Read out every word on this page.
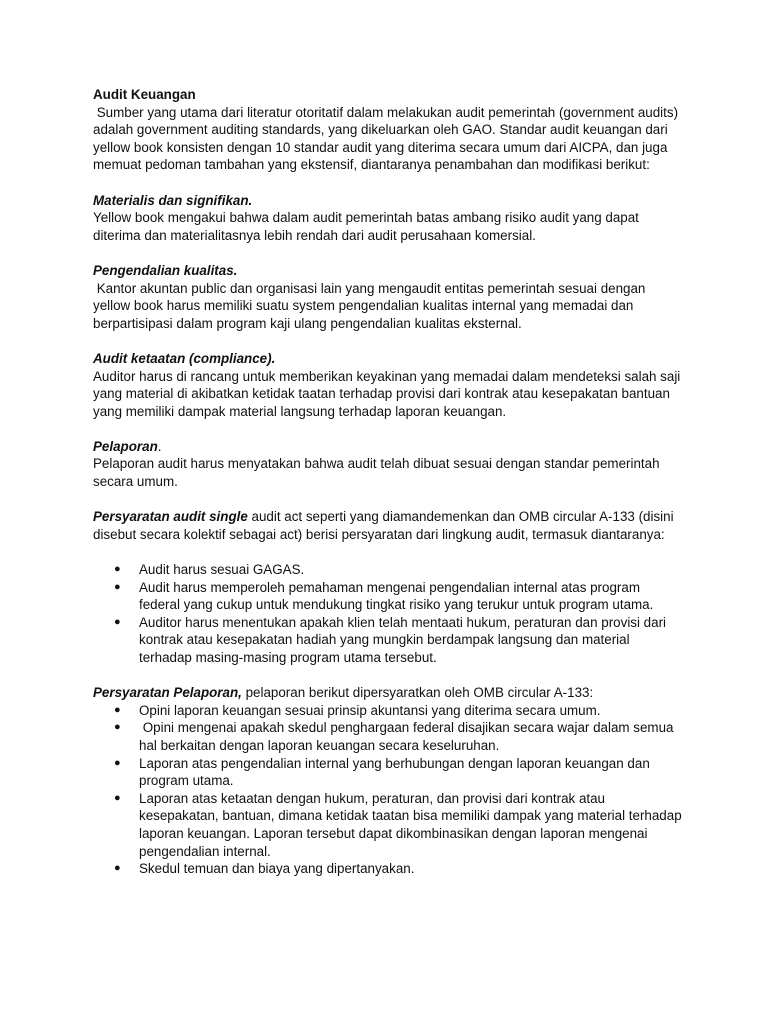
Audit Keuangan

Sumber yang utama dari literatur otoritatif dalam melakukan audit pemerintah (government audits) adalah government auditing standards, yang dikeluarkan oleh GAO. Standar audit keuangan dari yellow book konsisten dengan 10 standar audit yang diterima secara umum dari AICPA, dan juga memuat pedoman tambahan yang ekstensif, diantaranya penambahan dan modifikasi berikut:

Materialis dan signifikan.

Yellow book mengakui bahwa dalam audit pemerintah batas ambang risiko audit yang dapat diterima dan materialitasnya lebih rendah dari audit perusahaan komersial.

Pengendalian kualitas.

Kantor akuntan public dan organisasi lain yang mengaudit entitas pemerintah sesuai dengan yellow book harus memiliki suatu system pengendalian kualitas internal yang memadai dan berpartisipasi dalam program kaji ulang pengendalian kualitas eksternal.

Audit ketaatan (compliance).

Auditor harus di rancang untuk memberikan keyakinan yang memadai dalam mendeteksi salah saji yang material di akibatkan ketidak taatan terhadap provisi dari kontrak atau kesepakatan bantuan yang memiliki dampak material langsung terhadap laporan keuangan.

Pelaporan.

Pelaporan audit harus menyatakan bahwa audit telah dibuat sesuai dengan standar pemerintah secara umum.

Persyaratan audit single audit act seperti yang diamandemenkan dan OMB circular A-133 (disini disebut secara kolektif sebagai act) berisi persyaratan dari lingkung audit, termasuk diantaranya:

● Audit harus sesuai GAGAS.
● Audit harus memperoleh pemahaman mengenai pengendalian internal atas program federal yang cukup untuk mendukung tingkat risiko yang terukur untuk program utama.
● Auditor harus menentukan apakah klien telah mentaati hukum, peraturan dan provisi dari kontrak atau kesepakatan hadiah yang mungkin berdampak langsung dan material terhadap masing-masing program utama tersebut.

Persyaratan Pelaporan, pelaporan berikut dipersyaratkan oleh OMB circular A-133:

● Opini laporan keuangan sesuai prinsip akuntansi yang diterima secara umum.
● Opini mengenai apakah skedul penghargaan federal disajikan secara wajar dalam semua hal berkaitan dengan laporan keuangan secara keseluruhan.
● Laporan atas pengendalian internal yang berhubungan dengan laporan keuangan dan program utama.
● Laporan atas ketaatan dengan hukum, peraturan, dan provisi dari kontrak atau kesepakatan, bantuan, dimana ketidak taatan bisa memiliki dampak yang material terhadap laporan keuangan. Laporan tersebut dapat dikombinasikan dengan laporan mengenai pengendalian internal.
● Skedul temuan dan biaya yang dipertanyakan.
